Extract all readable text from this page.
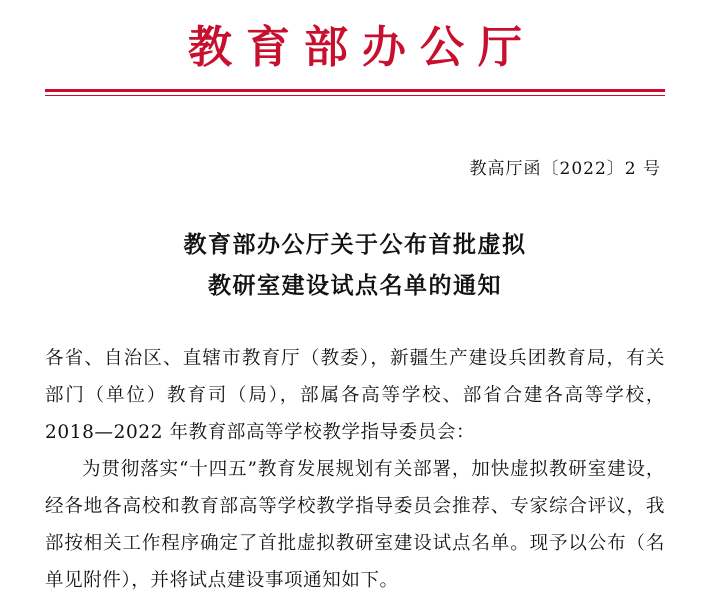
教育部办公厅
教高厅函〔2022〕2 号
教育部办公厅关于公布首批虚拟
教研室建设试点名单的通知

各省、自治区、直辖市教育厅（教委），新疆生产建设兵团教育局，有关部门（单位）教育司（局），部属各高等学校、部省合建各高等学校，2018—2022 年教育部高等学校教学指导委员会：

为贯彻落实“十四五”教育发展规划有关部署，加快虚拟教研室建设，经各地各高校和教育部高等学校教学指导委员会推荐、专家综合评议，我部按相关工作程序确定了首批虚拟教研室建设试点名单。现予以公布（名单见附件），并将试点建设事项通知如下。
